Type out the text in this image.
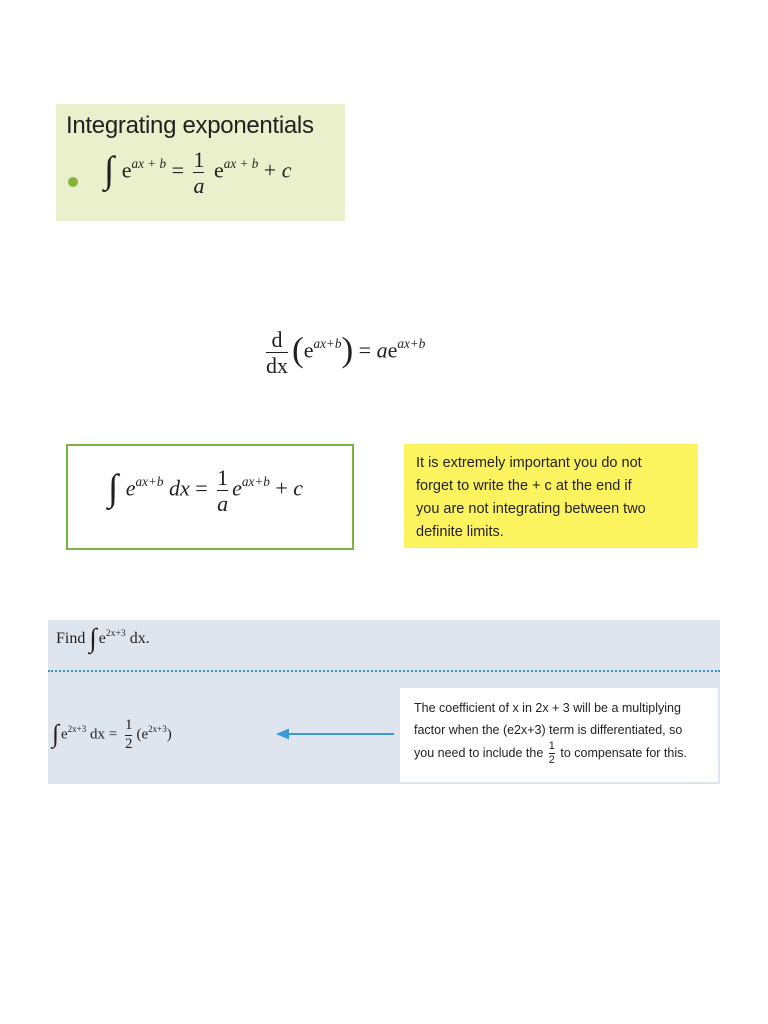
Integrating exponentials
∫ $e^{ax + b} = \frac{1}{a} e^{ax + b} + c$
$\frac{d}{dx} (e^{ax+b}) = ae^{ax+b}$
∫ $e^{ax+b}$ dx = $\frac{1}{a} e^{ax+b} + c$
It is extremely important you do not
forget to write the + c at the end if
you are not integrating between two
definite limits.
Find ∫ $e^{2x+3}$ dx.
∫ $e^{2x+3}$ dx = $\frac{1}{2} (e^{2x+3})$
The coefficient of x in 2x + 3 will be a multiplying
factor when the (e2x+3) term is differentiated, so
you need to include the $\frac{1}{2}$ to compensate for this.
